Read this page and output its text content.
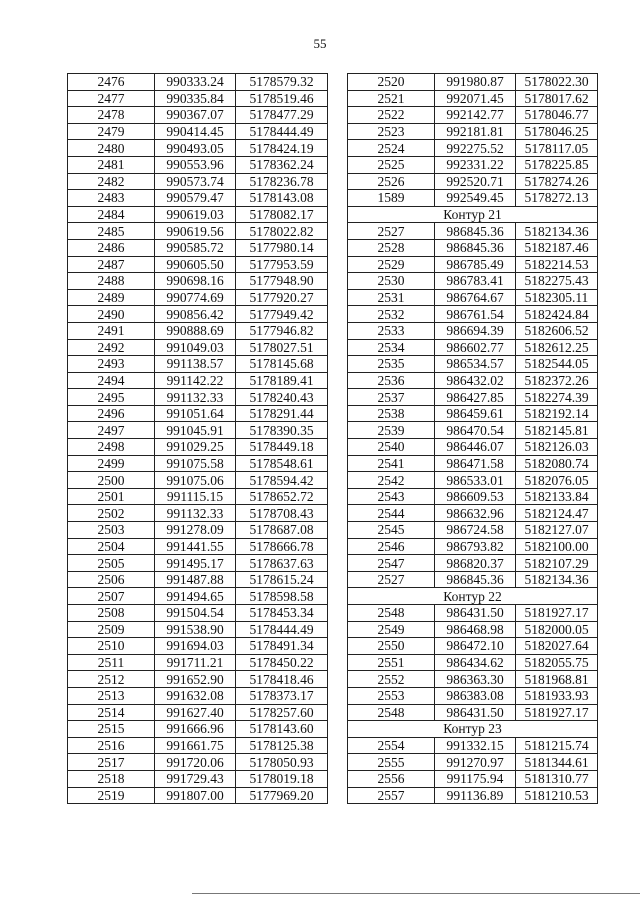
55
2476	990333.24	5178579.32
2477	990335.84	5178519.46
2478	990367.07	5178477.29
2479	990414.45	5178444.49
2480	990493.05	5178424.19
2481	990553.96	5178362.24
2482	990573.74	5178236.78
2483	990579.47	5178143.08
2484	990619.03	5178082.17
2485	990619.56	5178022.82
2486	990585.72	5177980.14
2487	990605.50	5177953.59
2488	990698.16	5177948.90
2489	990774.69	5177920.27
2490	990856.42	5177949.42
2491	990888.69	5177946.82
2492	991049.03	5178027.51
2493	991138.57	5178145.68
2494	991142.22	5178189.41
2495	991132.33	5178240.43
2496	991051.64	5178291.44
2497	991045.91	5178390.35
2498	991029.25	5178449.18
2499	991075.58	5178548.61
2500	991075.06	5178594.42
2501	991115.15	5178652.72
2502	991132.33	5178708.43
2503	991278.09	5178687.08
2504	991441.55	5178666.78
2505	991495.17	5178637.63
2506	991487.88	5178615.24
2507	991494.65	5178598.58
2508	991504.54	5178453.34
2509	991538.90	5178444.49
2510	991694.03	5178491.34
2511	991711.21	5178450.22
2512	991652.90	5178418.46
2513	991632.08	5178373.17
2514	991627.40	5178257.60
2515	991666.96	5178143.60
2516	991661.75	5178125.38
2517	991720.06	5178050.93
2518	991729.43	5178019.18
2519	991807.00	5177969.20
2520	991980.87	5178022.30
2521	992071.45	5178017.62
2522	992142.77	5178046.77
2523	992181.81	5178046.25
2524	992275.52	5178117.05
2525	992331.22	5178225.85
2526	992520.71	5178274.26
1589	992549.45	5178272.13
Контур 21		
2527	986845.36	5182134.36
2528	986845.36	5182187.46
2529	986785.49	5182214.53
2530	986783.41	5182275.43
2531	986764.67	5182305.11
2532	986761.54	5182424.84
2533	986694.39	5182606.52
2534	986602.77	5182612.25
2535	986534.57	5182544.05
2536	986432.02	5182372.26
2537	986427.85	5182274.39
2538	986459.61	5182192.14
2539	986470.54	5182145.81
2540	986446.07	5182126.03
2541	986471.58	5182080.74
2542	986533.01	5182076.05
2543	986609.53	5182133.84
2544	986632.96	5182124.47
2545	986724.58	5182127.07
2546	986793.82	5182100.00
2547	986820.37	5182107.29
2527	986845.36	5182134.36
Контур 22		
2548	986431.50	5181927.17
2549	986468.98	5182000.05
2550	986472.10	5182027.64
2551	986434.62	5182055.75
2552	986363.30	5181968.81
2553	986383.08	5181933.93
2548	986431.50	5181927.17
Контур 23		
2554	991332.15	5181215.74
2555	991270.97	5181344.61
2556	991175.94	5181310.77
2557	991136.89	5181210.53
